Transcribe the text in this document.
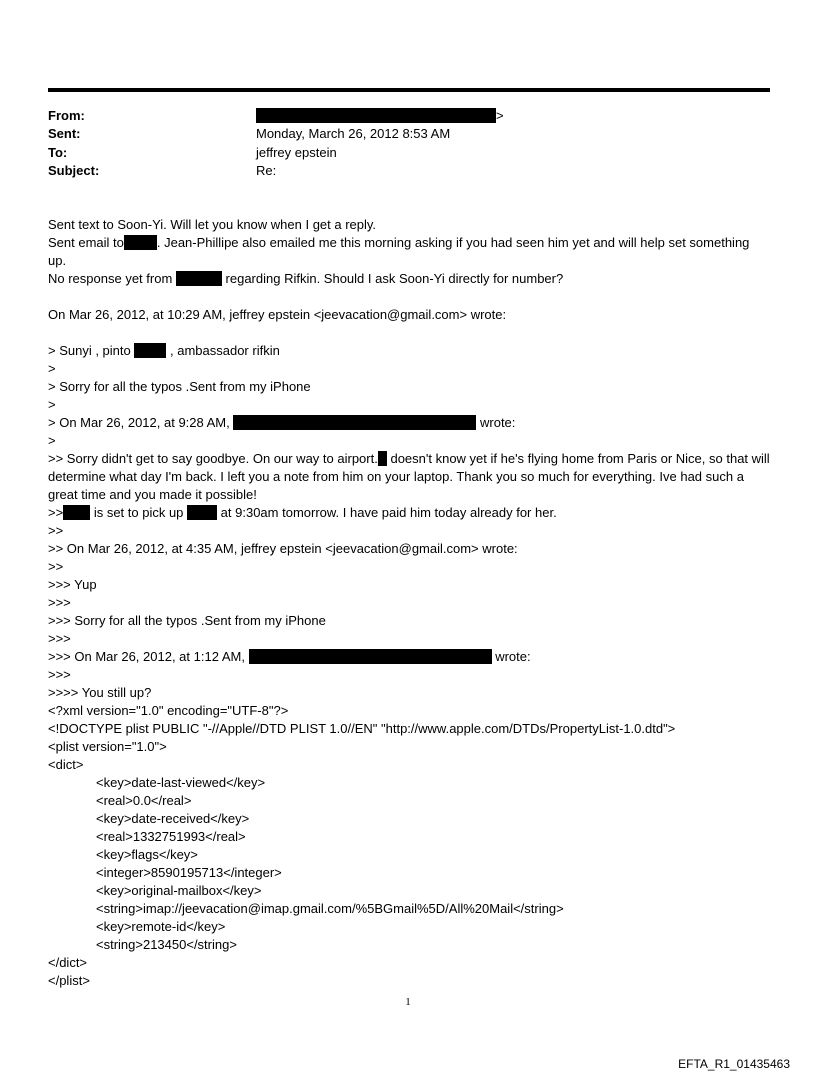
From:	>
Sent:	Monday, March 26, 2012 8:53 AM
To:	jeffrey epstein
Subject:	Re:
Sent text to Soon-Yi. Will let you know when I get a reply.
Sent email to	. Jean-Phillipe also emailed me this morning asking if you had seen him yet and will help set something up.
No response yet from	regarding Rifkin. Should I ask Soon-Yi directly for number?
On Mar 26, 2012, at 10:29 AM, jeffrey epstein <jeevacation@gmail.com> wrote:
> Sunyi , pinto	, ambassador rifkin
>
> Sorry for all the typos .Sent from my iPhone
>
> On Mar 26, 2012, at 9:28 AM,	wrote:
>
>> Sorry didn't get to say goodbye. On our way to airport. doesn't know yet if he's flying home from Paris or Nice, so that will determine what day I'm back. I left you a note from him on your laptop. Thank you so much for everything. Ive had such a great time and you made it possible!
>> is set to pick up	at 9:30am tomorrow. I have paid him today already for her.
>>
>> On Mar 26, 2012, at 4:35 AM, jeffrey epstein <jeevacation@gmail.com> wrote:
>>
>>> Yup
>>>
>>> Sorry for all the typos .Sent from my iPhone
>>>
>>> On Mar 26, 2012, at 1:12 AM,	wrote:
>>>
>>>> You still up?
<?xml version="1.0" encoding="UTF-8"?>
<!DOCTYPE plist PUBLIC "-//Apple//DTD PLIST 1.0//EN" "http://www.apple.com/DTDs/PropertyList-1.0.dtd">
<plist version="1.0">
<dict>
<key>date-last-viewed</key>
<real>0.0</real>
<key>date-received</key>
<real>1332751993</real>
<key>flags</key>
<integer>8590195713</integer>
<key>original-mailbox</key>
<string>imap://jeevacation@imap.gmail.com/%5BGmail%5D/All%20Mail</string>
<key>remote-id</key>
<string>213450</string>
</dict>
</plist>
1
EFTA_R1_01435463
